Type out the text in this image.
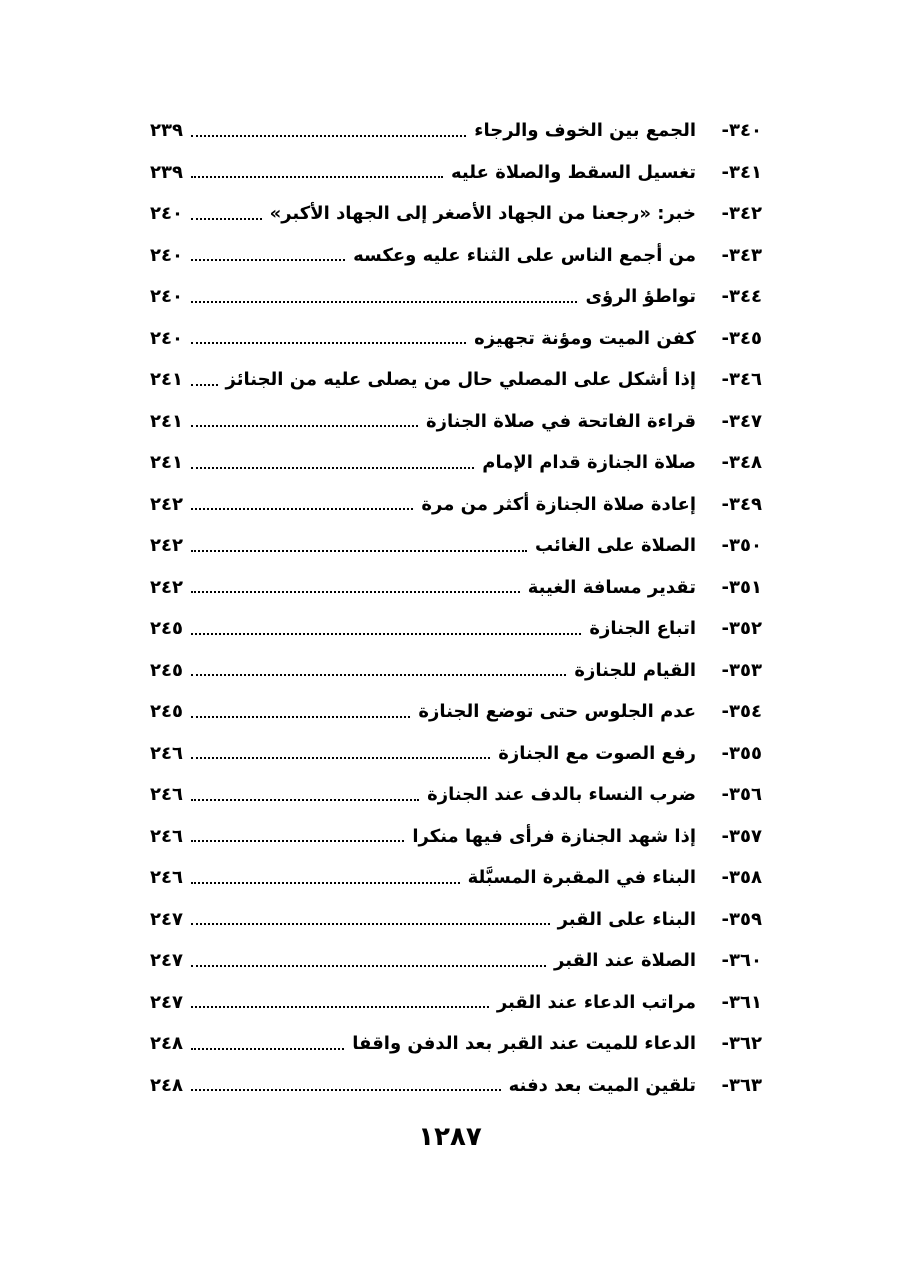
٣٤٠-
الجمع بين الخوف والرجاء
٢٣٩
٣٤١-
تغسيل السقط والصلاة عليه
٢٣٩
٣٤٢-
خبر: «رجعنا من الجهاد الأصغر إلى الجهاد الأكبر»
٢٤٠
٣٤٣-
من أجمع الناس على الثناء عليه وعكسه
٢٤٠
٣٤٤-
تواطؤ الرؤى
٢٤٠
٣٤٥-
كفن الميت ومؤنة تجهيزه
٢٤٠
٣٤٦-
إذا أشكل على المصلي حال من يصلى عليه من الجنائز
٢٤١
٣٤٧-
قراءة الفاتحة في صلاة الجنازة
٢٤١
٣٤٨-
صلاة الجنازة قدام الإمام
٢٤١
٣٤٩-
إعادة صلاة الجنازة أكثر من مرة
٢٤٢
٣٥٠-
الصلاة على الغائب
٢٤٢
٣٥١-
تقدير مسافة الغيبة
٢٤٢
٣٥٢-
اتباع الجنازة
٢٤٥
٣٥٣-
القيام للجنازة
٢٤٥
٣٥٤-
عدم الجلوس حتى توضع الجنازة
٢٤٥
٣٥٥-
رفع الصوت مع الجنازة
٢٤٦
٣٥٦-
ضرب النساء بالدف عند الجنازة
٢٤٦
٣٥٧-
إذا شهد الجنازة فرأى فيها منكرا
٢٤٦
٣٥٨-
البناء في المقبرة المسبَّلة
٢٤٦
٣٥٩-
البناء على القبر
٢٤٧
٣٦٠-
الصلاة عند القبر
٢٤٧
٣٦١-
مراتب الدعاء عند القبر
٢٤٧
٣٦٢-
الدعاء للميت عند القبر بعد الدفن واقفا
٢٤٨
٣٦٣-
تلقين الميت بعد دفنه
٢٤٨
١٢٨٧
